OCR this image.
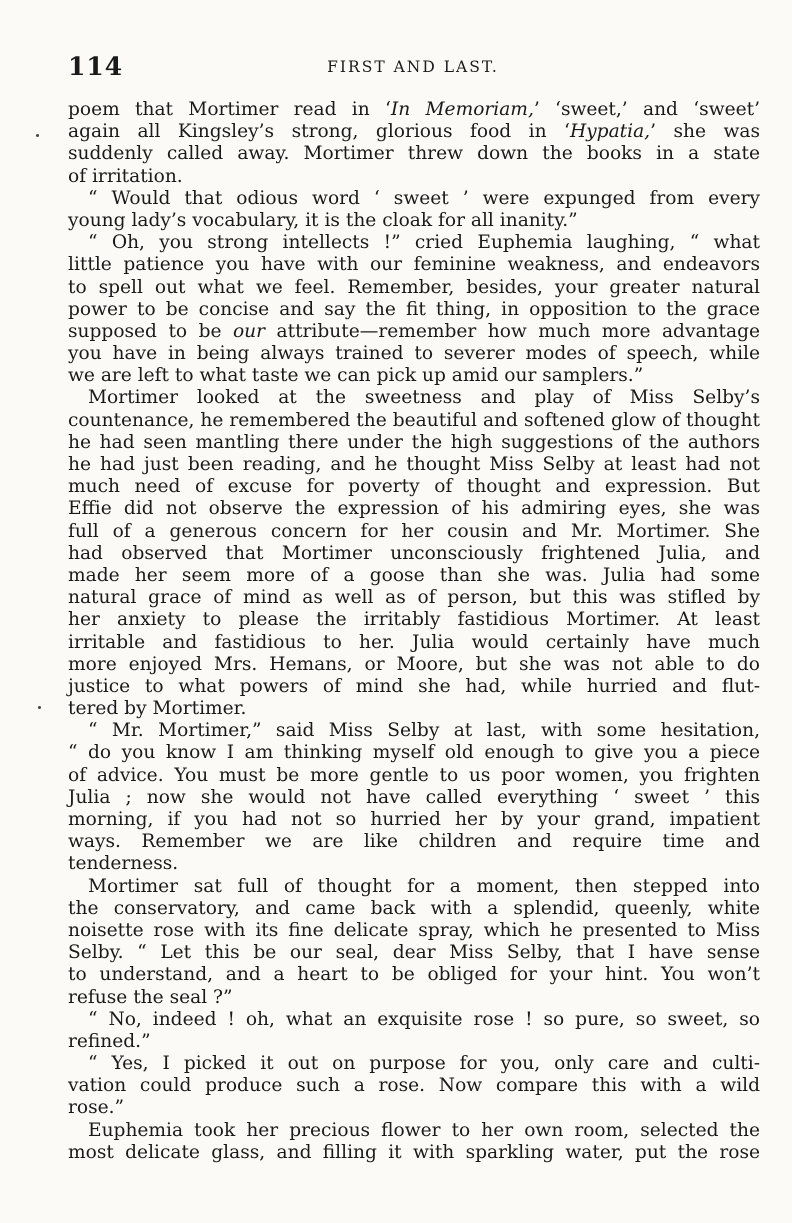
114	FIRST AND LAST.
poem that Mortimer read in ‘In Memoriam,’ ‘sweet,’ and ‘sweet’
again all Kingsley’s strong, glorious food in ‘Hypatia,’ she was
suddenly called away. Mortimer threw down the books in a state
of irritation.
“ Would that odious word ‘ sweet ’ were expunged from every
young lady’s vocabulary, it is the cloak for all inanity.”
“ Oh, you strong intellects !” cried Euphemia laughing, “ what
little patience you have with our feminine weakness, and endeavors
to spell out what we feel. Remember, besides, your greater natural
power to be concise and say the fit thing, in opposition to the grace
supposed to be our attribute—remember how much more advantage
you have in being always trained to severer modes of speech, while
we are left to what taste we can pick up amid our samplers.”
Mortimer looked at the sweetness and play of Miss Selby’s
countenance, he remembered the beautiful and softened glow of thought
he had seen mantling there under the high suggestions of the authors
he had just been reading, and he thought Miss Selby at least had not
much need of excuse for poverty of thought and expression. But
Effie did not observe the expression of his admiring eyes, she was
full of a generous concern for her cousin and Mr. Mortimer. She
had observed that Mortimer unconsciously frightened Julia, and
made her seem more of a goose than she was. Julia had some
natural grace of mind as well as of person, but this was stifled by
her anxiety to please the irritably fastidious Mortimer. At least
irritable and fastidious to her. Julia would certainly have much
more enjoyed Mrs. Hemans, or Moore, but she was not able to do
justice to what powers of mind she had, while hurried and flut-
tered by Mortimer.
“ Mr. Mortimer,” said Miss Selby at last, with some hesitation,
“ do you know I am thinking myself old enough to give you a piece
of advice. You must be more gentle to us poor women, you frighten
Julia ; now she would not have called everything ‘ sweet ’ this
morning, if you had not so hurried her by your grand, impatient
ways. Remember we are like children and require time and
tenderness.
Mortimer sat full of thought for a moment, then stepped into
the conservatory, and came back with a splendid, queenly, white
noisette rose with its fine delicate spray, which he presented to Miss
Selby. “ Let this be our seal, dear Miss Selby, that I have sense
to understand, and a heart to be obliged for your hint. You won’t
refuse the seal ?”
“ No, indeed ! oh, what an exquisite rose ! so pure, so sweet, so
refined.”
“ Yes, I picked it out on purpose for you, only care and culti-
vation could produce such a rose. Now compare this with a wild
rose.”
Euphemia took her precious flower to her own room, selected the
most delicate glass, and filling it with sparkling water, put the rose
